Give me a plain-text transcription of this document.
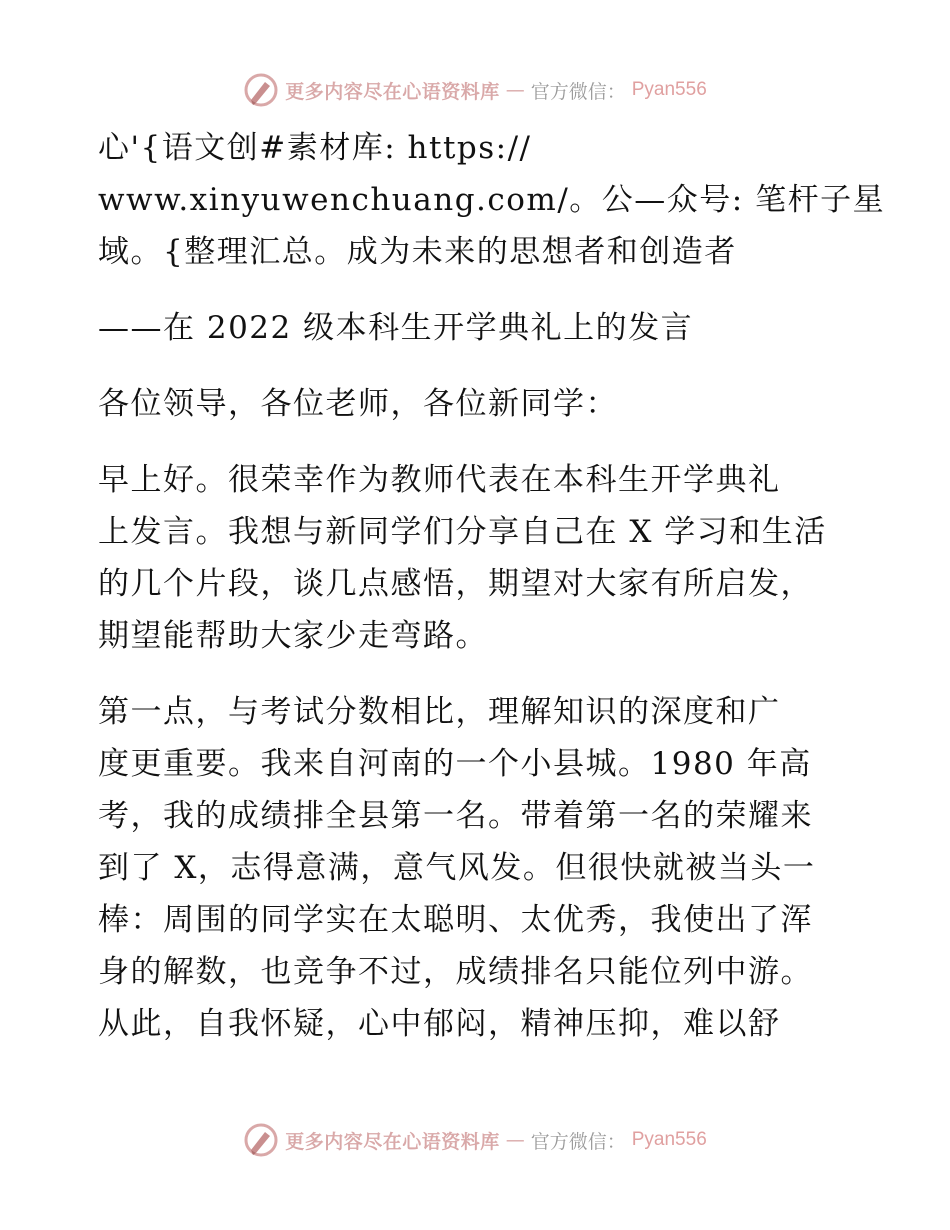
更多内容尽在心语资料库 — 官方微信： Pyan556
心'{语文创#素材库: https://
www.xinyuwenchuang.com/。公—众号: 笔杆子星
域。{整理汇总。成为未来的思想者和创造者
——在 2022 级本科生开学典礼上的发言
各位领导，各位老师，各位新同学：
早上好。很荣幸作为教师代表在本科生开学典礼
上发言。我想与新同学们分享自己在 X 学习和生活
的几个片段，谈几点感悟，期望对大家有所启发，
期望能帮助大家少走弯路。
第一点，与考试分数相比，理解知识的深度和广
度更重要。我来自河南的一个小县城。1980 年高
考，我的成绩排全县第一名。带着第一名的荣耀来
到了 X，志得意满，意气风发。但很快就被当头一
棒：周围的同学实在太聪明、太优秀，我使出了浑
身的解数，也竞争不过，成绩排名只能位列中游。
从此，自我怀疑，心中郁闷，精神压抑，难以舒
更多内容尽在心语资料库 — 官方微信： Pyan556
